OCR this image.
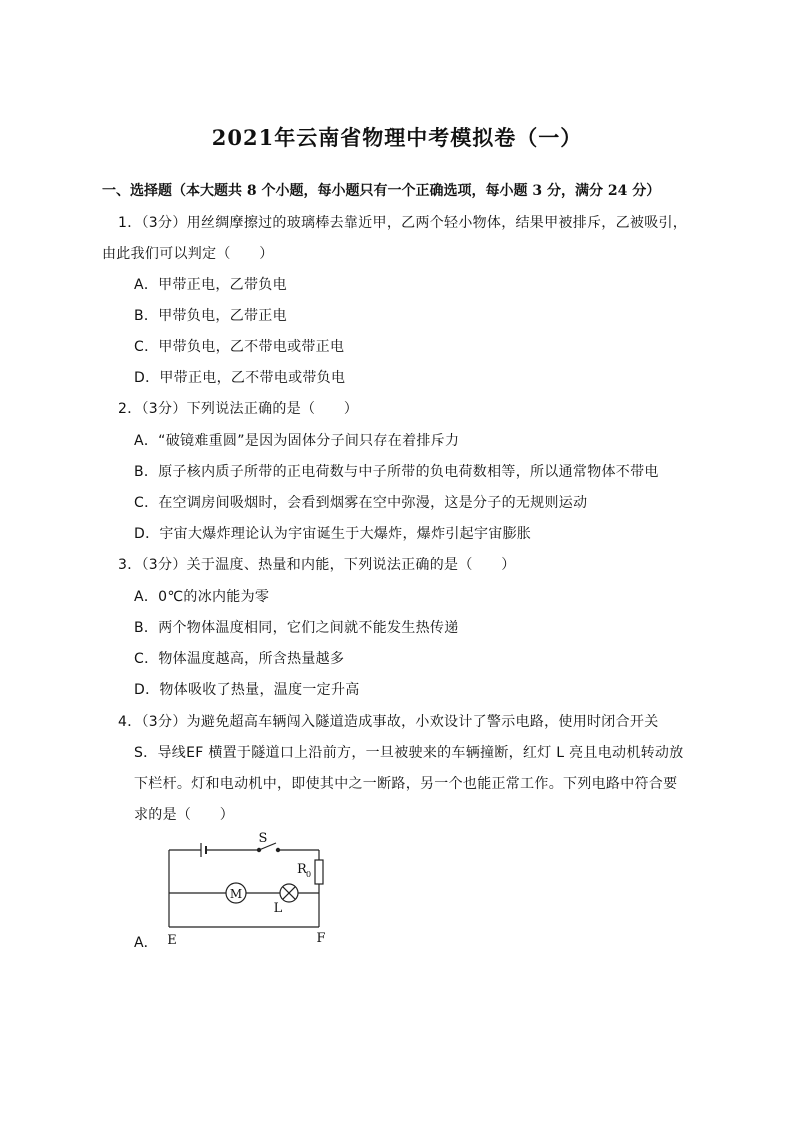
2021年云南省物理中考模拟卷（一）
一、选择题（本大题共 8 个小题，每小题只有一个正确选项，每小题 3 分，满分 24 分）
1．（3分）用丝绸摩擦过的玻璃棒去靠近甲，乙两个轻小物体，结果甲被排斥，乙被吸引，
由此我们可以判定（　　）
A．甲带正电，乙带负电
B．甲带负电，乙带正电
C．甲带负电，乙不带电或带正电
D．甲带正电，乙不带电或带负电
2．（3分）下列说法正确的是（　　）
A．“破镜难重圆”是因为固体分子间只存在着排斥力
B．原子核内质子所带的正电荷数与中子所带的负电荷数相等，所以通常物体不带电
C．在空调房间吸烟时，会看到烟雾在空中弥漫，这是分子的无规则运动
D．宇宙大爆炸理论认为宇宙诞生于大爆炸，爆炸引起宇宙膨胀
3．（3分）关于温度、热量和内能，下列说法正确的是（　　）
A．0℃的冰内能为零
B．两个物体温度相同，它们之间就不能发生热传递
C．物体温度越高，所含热量越多
D．物体吸收了热量，温度一定升高
4．（3分）为避免超高车辆闯入隧道造成事故，小欢设计了警示电路，使用时闭合开关
S．导线EF 横置于隧道口上沿前方，一旦被驶来的车辆撞断，红灯 L 亮且电动机转动放
下栏杆。灯和电动机中，即使其中之一断路，另一个也能正常工作。下列电路中符合要
求的是（　　）
A．
S
R 0
M
L
E	F
